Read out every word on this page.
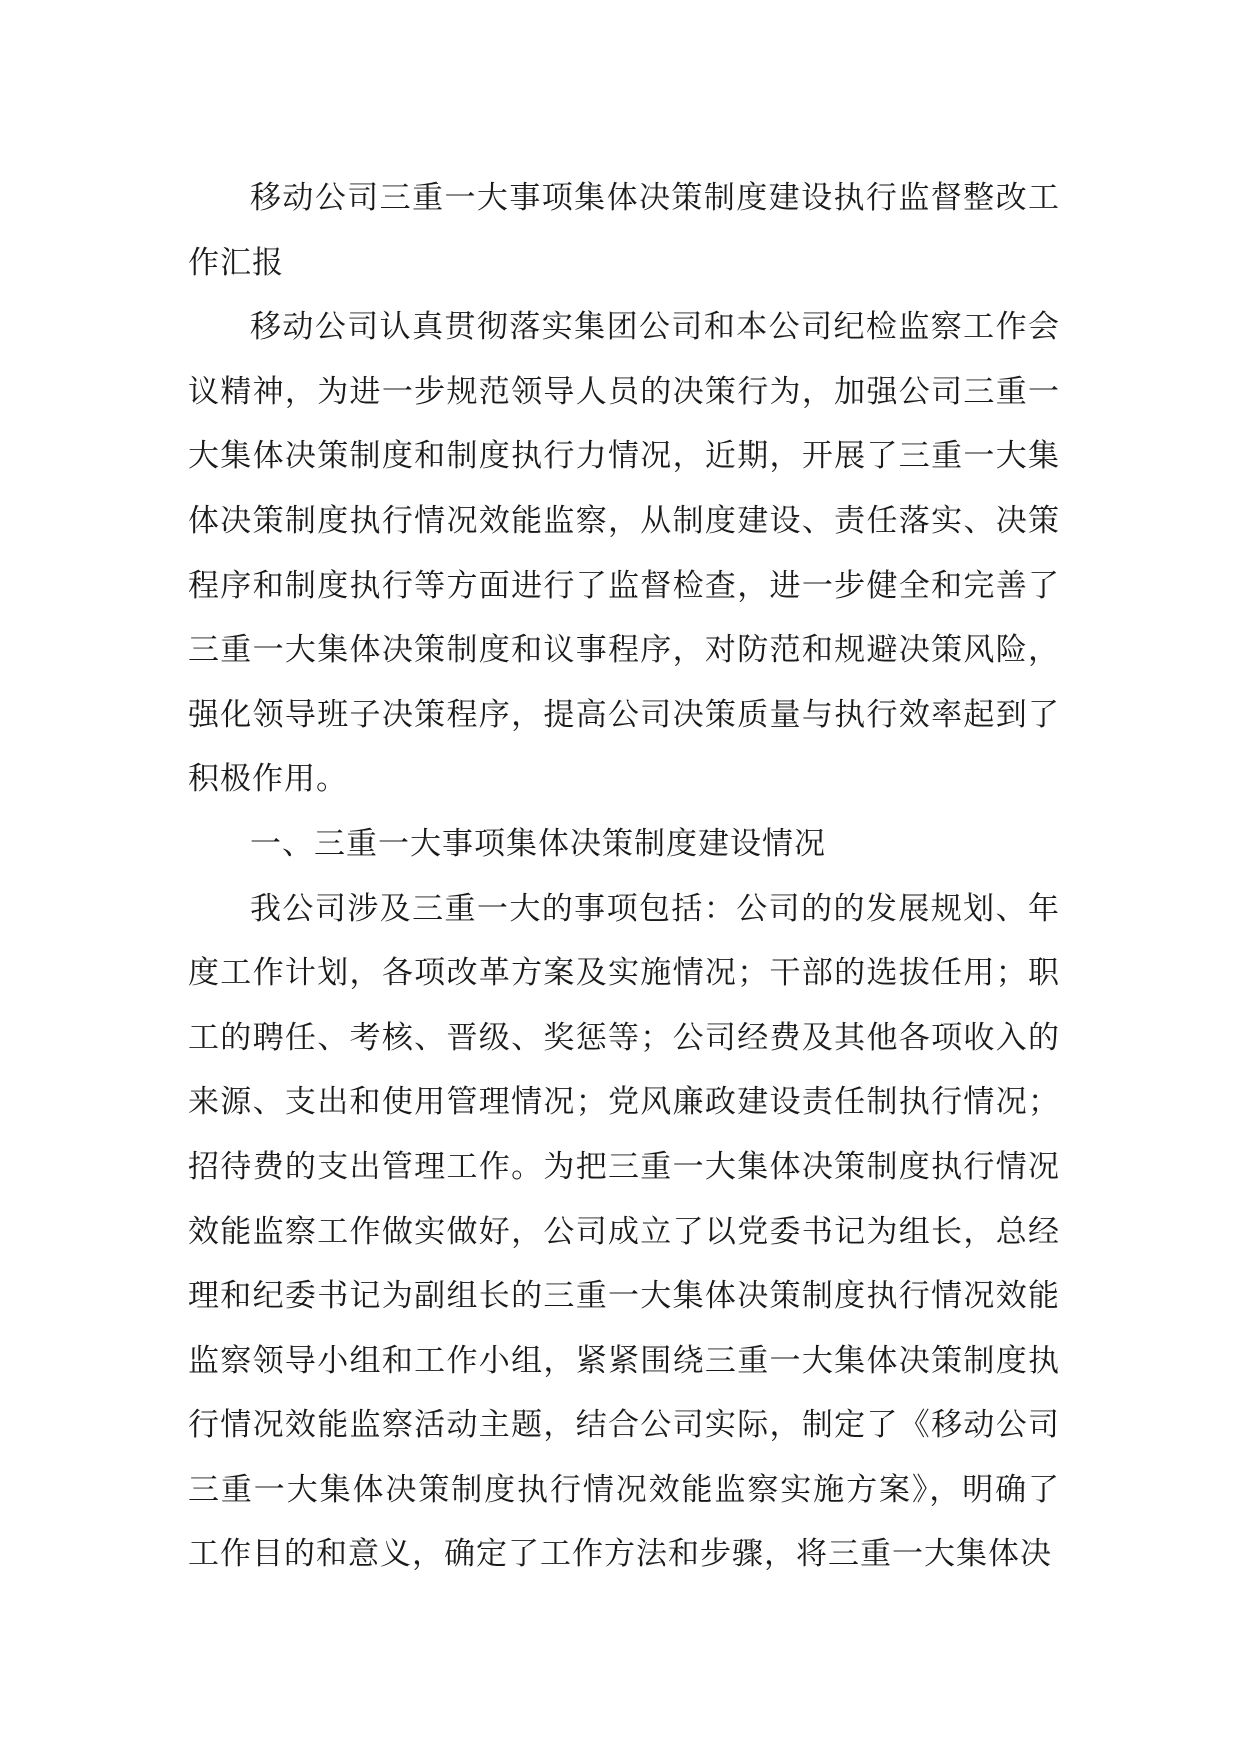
移动公司三重一大事项集体决策制度建设执行监督整改工作汇报

移动公司认真贯彻落实集团公司和本公司纪检监察工作会议精神，为进一步规范领导人员的决策行为，加强公司三重一大集体决策制度和制度执行力情况，近期，开展了三重一大集体决策制度执行情况效能监察，从制度建设、责任落实、决策程序和制度执行等方面进行了监督检查，进一步健全和完善了三重一大集体决策制度和议事程序，对防范和规避决策风险，强化领导班子决策程序，提高公司决策质量与执行效率起到了积极作用。

一、三重一大事项集体决策制度建设情况

我公司涉及三重一大的事项包括：公司的的发展规划、年度工作计划，各项改革方案及实施情况；干部的选拔任用；职工的聘任、考核、晋级、奖惩等；公司经费及其他各项收入的来源、支出和使用管理情况；党风廉政建设责任制执行情况；招待费的支出管理工作。为把三重一大集体决策制度执行情况效能监察工作做实做好，公司成立了以党委书记为组长，总经理和纪委书记为副组长的三重一大集体决策制度执行情况效能监察领导小组和工作小组，紧紧围绕三重一大集体决策制度执行情况效能监察活动主题，结合公司实际，制定了《移动公司三重一大集体决策制度执行情况效能监察实施方案》，明确了工作目的和意义，确定了工作方法和步骤，将三重一大集体决
